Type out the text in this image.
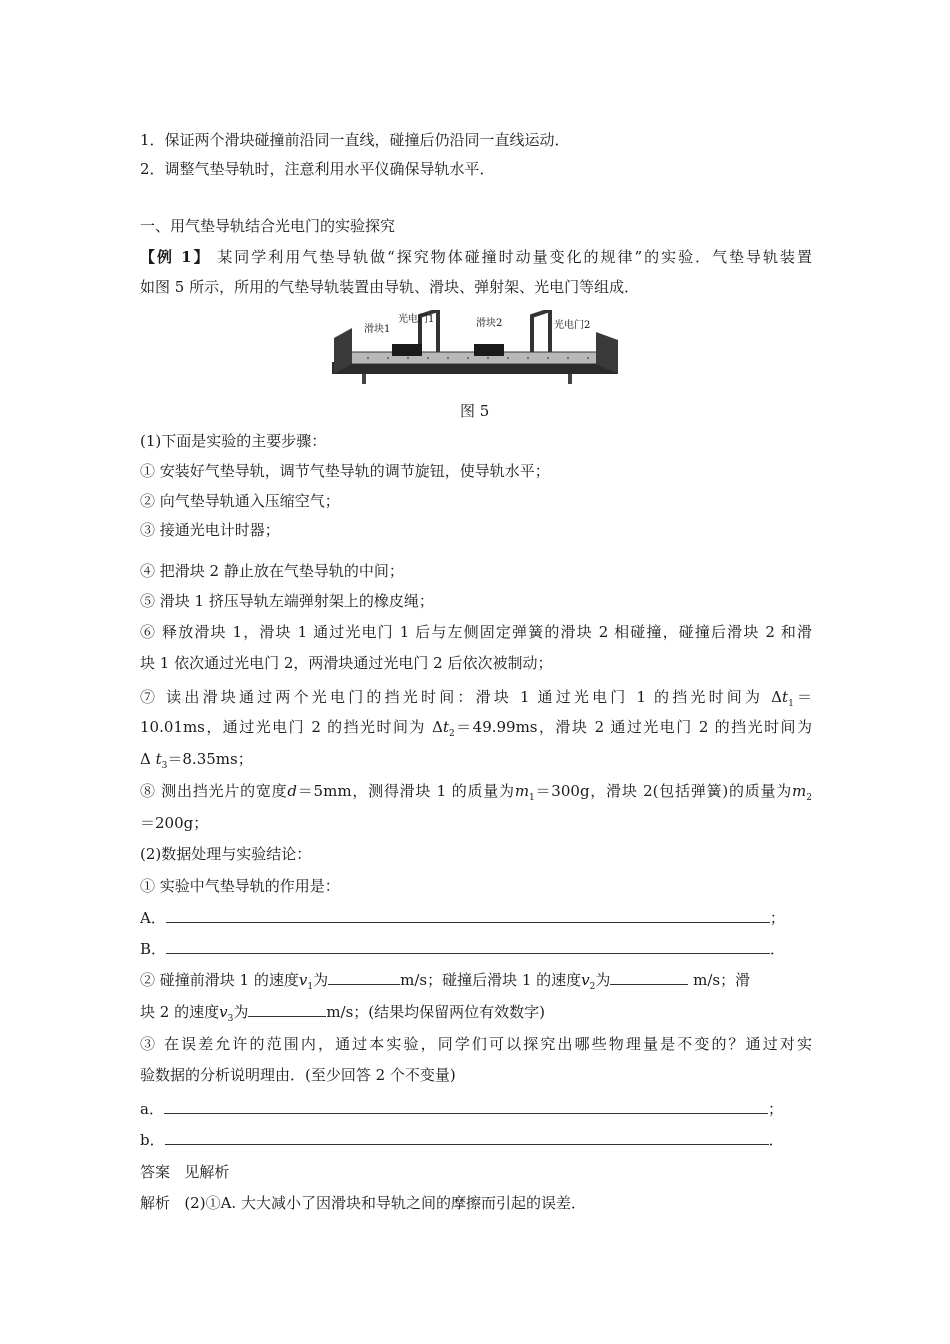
1．保证两个滑块碰撞前沿同一直线，碰撞后仍沿同一直线运动．
2．调整气垫导轨时，注意利用水平仪确保导轨水平．
一、用气垫导轨结合光电门的实验探究
【例 1】 某同学利用气垫导轨做“探究物体碰撞时动量变化的规律”的实验．气垫导轨装置
如图 5 所示，所用的气垫导轨装置由导轨、滑块、弹射架、光电门等组成．
滑块1
光电门1	滑块2	光电门2
图 5
(1)下面是实验的主要步骤：
① 安装好气垫导轨，调节气垫导轨的调节旋钮，使导轨水平；
② 向气垫导轨通入压缩空气；
③ 接通光电计时器；
④ 把滑块 2 静止放在气垫导轨的中间；
⑤ 滑块 1 挤压导轨左端弹射架上的橡皮绳；
⑥ 释放滑块 1，滑块 1 通过光电门 1 后与左侧固定弹簧的滑块 2 相碰撞，碰撞后滑块 2 和滑
块 1 依次通过光电门 2，两滑块通过光电门 2 后依次被制动；
⑦ 读出滑块通过两个光电门的挡光时间：滑块 1 通过光电门 1 的挡光时间为 $\Delta t_1=$
10.01ms，通过光电门 2 的挡光时间为 $\Delta t_2=49.99ms$，滑块 2 通过光电门 2 的挡光时间为
Δ $t_3=8.35ms$；
⑧ 测出挡光片的宽度d＝5mm，测得滑块 1 的质量为$m_1=300g$，滑块 2(包括弹簧)的质量为$m_2$
＝200g；
(2)数据处理与实验结论：
① 实验中气垫导轨的作用是：
A．	；
B．	．
② 碰撞前滑块 1 的速度$v_1$为	m/s；碰撞后滑块 1 的速度$v_2$为	m/s；滑
块 2 的速度$v_3$为	m/s；(结果均保留两位有效数字)
③ 在误差允许的范围内，通过本实验，同学们可以探究出哪些物理量是不变的？通过对实
验数据的分析说明理由．(至少回答 2 个不变量)
a．	；
b．	．
答案 见解析
解析 (2)①A. 大大减小了因滑块和导轨之间的摩擦而引起的误差．
